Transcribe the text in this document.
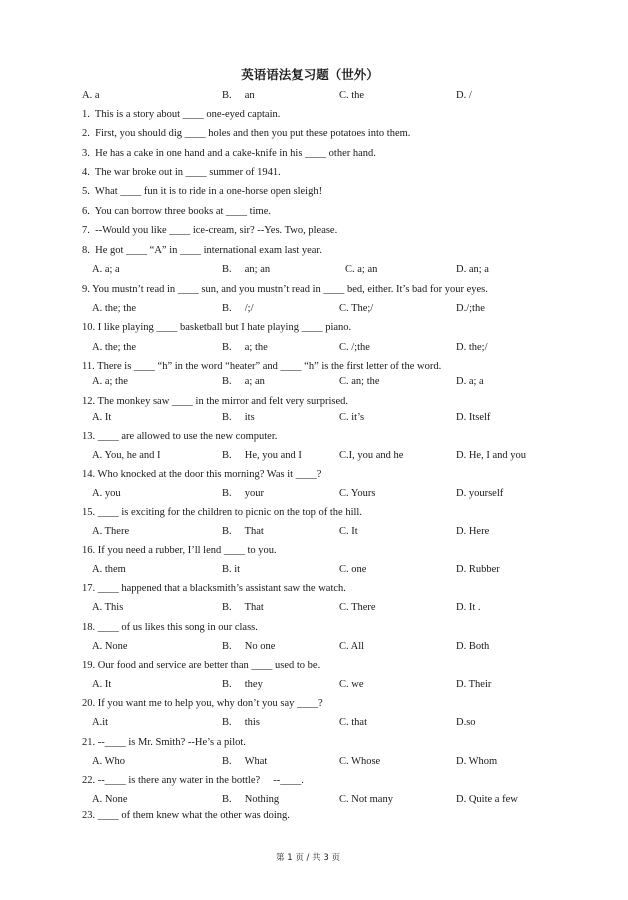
英语语法复习题（世外）
A. a	B.     an	C. the	D. /
1.  This is a story about ____ one-eyed captain.
2.  First, you should dig ____ holes and then you put these potatoes into them.
3.  He has a cake in one hand and a cake-knife in his ____ other hand.
4.  The war broke out in ____ summer of 1941.
5.  What ____ fun it is to ride in a one-horse open sleigh!
6.  You can borrow three books at ____ time.
7.  --Would you like ____ ice-cream, sir? --Yes. Two, please.
8.  He got ____ “A” in ____ international exam last year.
A. a; a	B.     an; an	C. a; an	D. an; a
9. You mustn’t read in ____ sun, and you mustn’t read in ____ bed, either. It’s bad for your eyes.
A. the; the	B.     /;/	C. The;/	D./;the
10. I like playing ____ basketball but I hate playing ____ piano.
A. the; the	B.     a; the	C. /;the	D. the;/
11. There is ____ “h” in the word “heater” and ____ “h” is the first letter of the word.
A. a; the	B.     a; an	C. an; the	D. a; a
12. The monkey saw ____ in the mirror and felt very surprised.
A. It	B.     its	C. it’s	D. Itself
13. ____ are allowed to use the new computer.
A. You, he and I	B.     He, you and I	C.I, you and he	D. He, I and you
14. Who knocked at the door this morning? Was it ____?
A. you	B.     your	C. Yours	D. yourself
15. ____ is exciting for the children to picnic on the top of the hill.
A. There	B.     That	C. It	D. Here
16. If you need a rubber, I’ll lend ____ to you.
A. them	B. it	C. one	D. Rubber
17. ____ happened that a blacksmith’s assistant saw the watch.
A. This	B.     That	C. There	D. It .
18. ____ of us likes this song in our class.
A. None	B.     No one	C. All	D. Both
19. Our food and service are better than ____ used to be.
A. It	B.     they	C. we	D. Their
20. If you want me to help you, why don’t you say ____?
A.it	B.     this	C. that	D.so
21. --____ is Mr. Smith? --He’s a pilot.
A. Who	B.     What	C. Whose	D. Whom
22. --____ is there any water in the bottle?     --____.
A. None	B.     Nothing	C. Not many	D. Quite a few
23. ____ of them knew what the other was doing.
第 1 页 / 共 3 页
